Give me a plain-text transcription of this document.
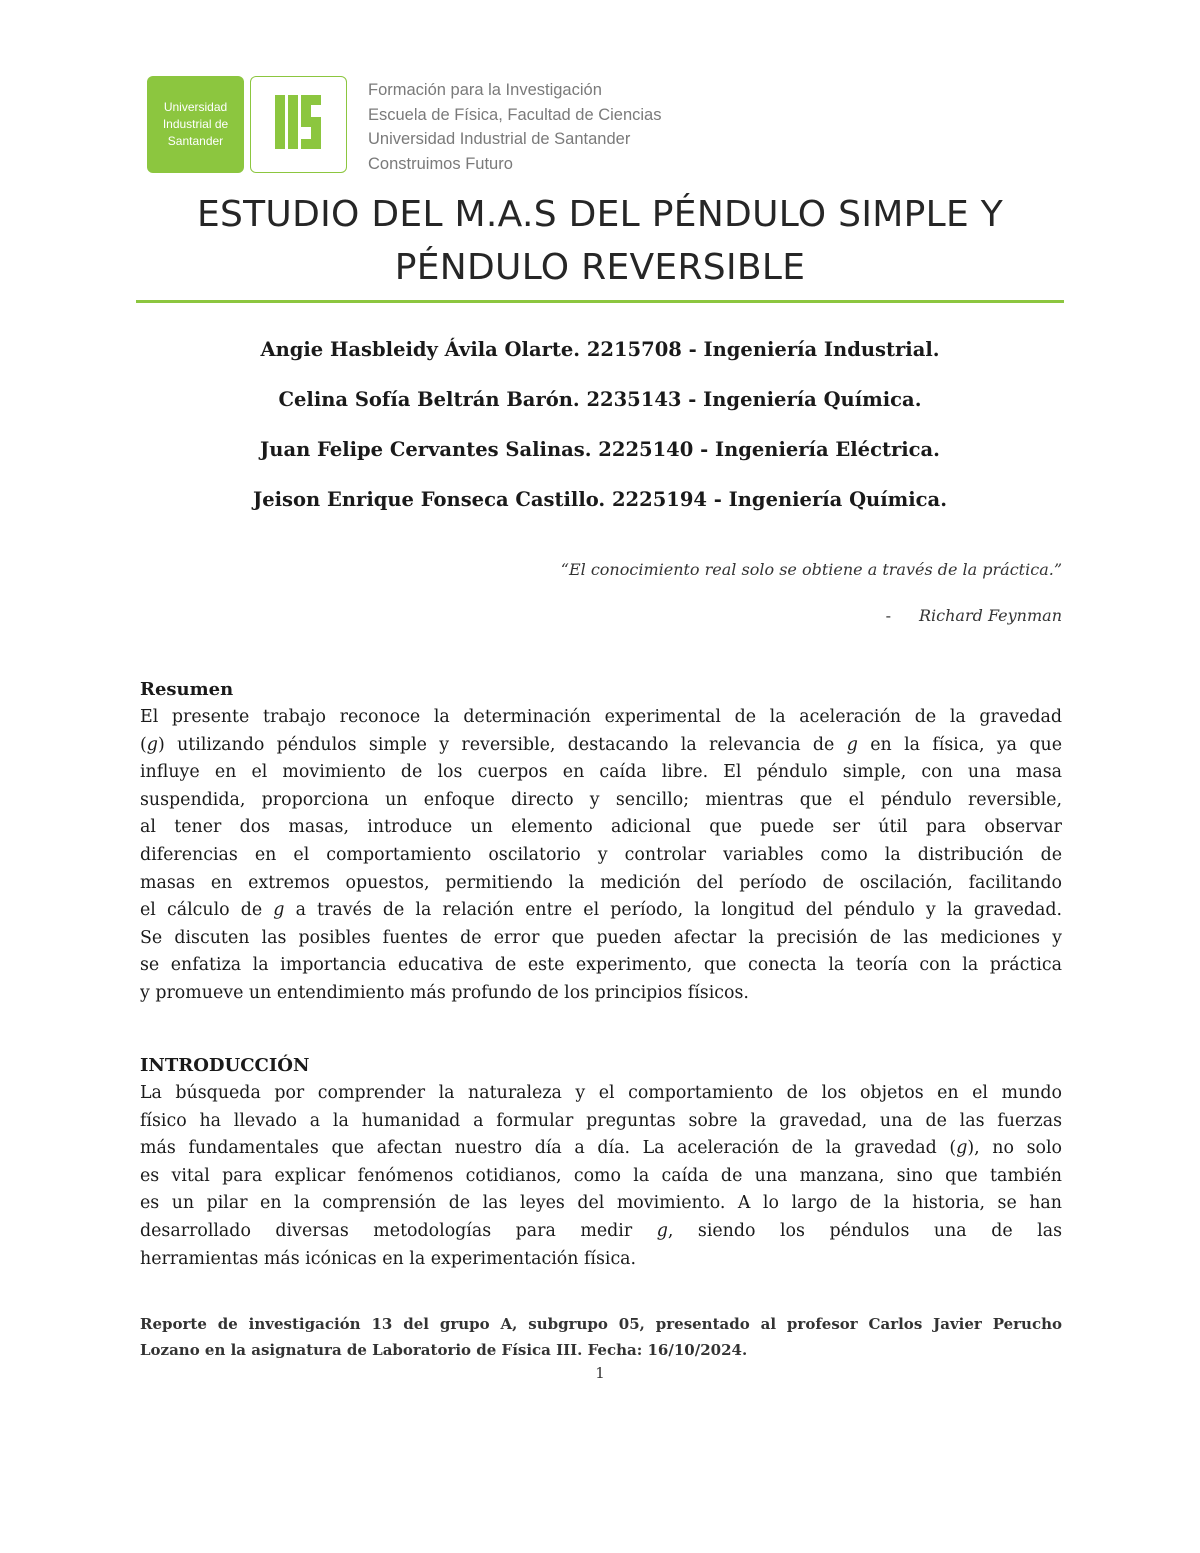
Universidad
Industrial de
Santander
Formación para la Investigación
Escuela de Física, Facultad de Ciencias
Universidad Industrial de Santander
Construimos Futuro
ESTUDIO DEL M.A.S DEL PÉNDULO SIMPLE Y
PÉNDULO REVERSIBLE
Angie Hasbleidy Ávila Olarte. 2215708 - Ingeniería Industrial.
Celina Sofía Beltrán Barón. 2235143 - Ingeniería Química.
Juan Felipe Cervantes Salinas. 2225140 - Ingeniería Eléctrica.
Jeison Enrique Fonseca Castillo. 2225194 - Ingeniería Química.
“El conocimiento real solo se obtiene a través de la práctica.”
- Richard Feynman
Resumen
El presente trabajo reconoce la determinación experimental de la aceleración de la gravedad
(g) utilizando péndulos simple y reversible, destacando la relevancia de g en la física, ya que
influye en el movimiento de los cuerpos en caída libre. El péndulo simple, con una masa
suspendida, proporciona un enfoque directo y sencillo; mientras que el péndulo reversible,
al tener dos masas, introduce un elemento adicional que puede ser útil para observar
diferencias en el comportamiento oscilatorio y controlar variables como la distribución de
masas en extremos opuestos, permitiendo la medición del período de oscilación, facilitando
el cálculo de g a través de la relación entre el período, la longitud del péndulo y la gravedad.
Se discuten las posibles fuentes de error que pueden afectar la precisión de las mediciones y
se enfatiza la importancia educativa de este experimento, que conecta la teoría con la práctica
y promueve un entendimiento más profundo de los principios físicos.
INTRODUCCIÓN
La búsqueda por comprender la naturaleza y el comportamiento de los objetos en el mundo
físico ha llevado a la humanidad a formular preguntas sobre la gravedad, una de las fuerzas
más fundamentales que afectan nuestro día a día. La aceleración de la gravedad (g), no solo
es vital para explicar fenómenos cotidianos, como la caída de una manzana, sino que también
es un pilar en la comprensión de las leyes del movimiento. A lo largo de la historia, se han
desarrollado diversas metodologías para medir g, siendo los péndulos una de las
herramientas más icónicas en la experimentación física.
Reporte de investigación 13 del grupo A, subgrupo 05, presentado al profesor Carlos Javier Perucho
Lozano en la asignatura de Laboratorio de Física III. Fecha: 16/10/2024.
1
